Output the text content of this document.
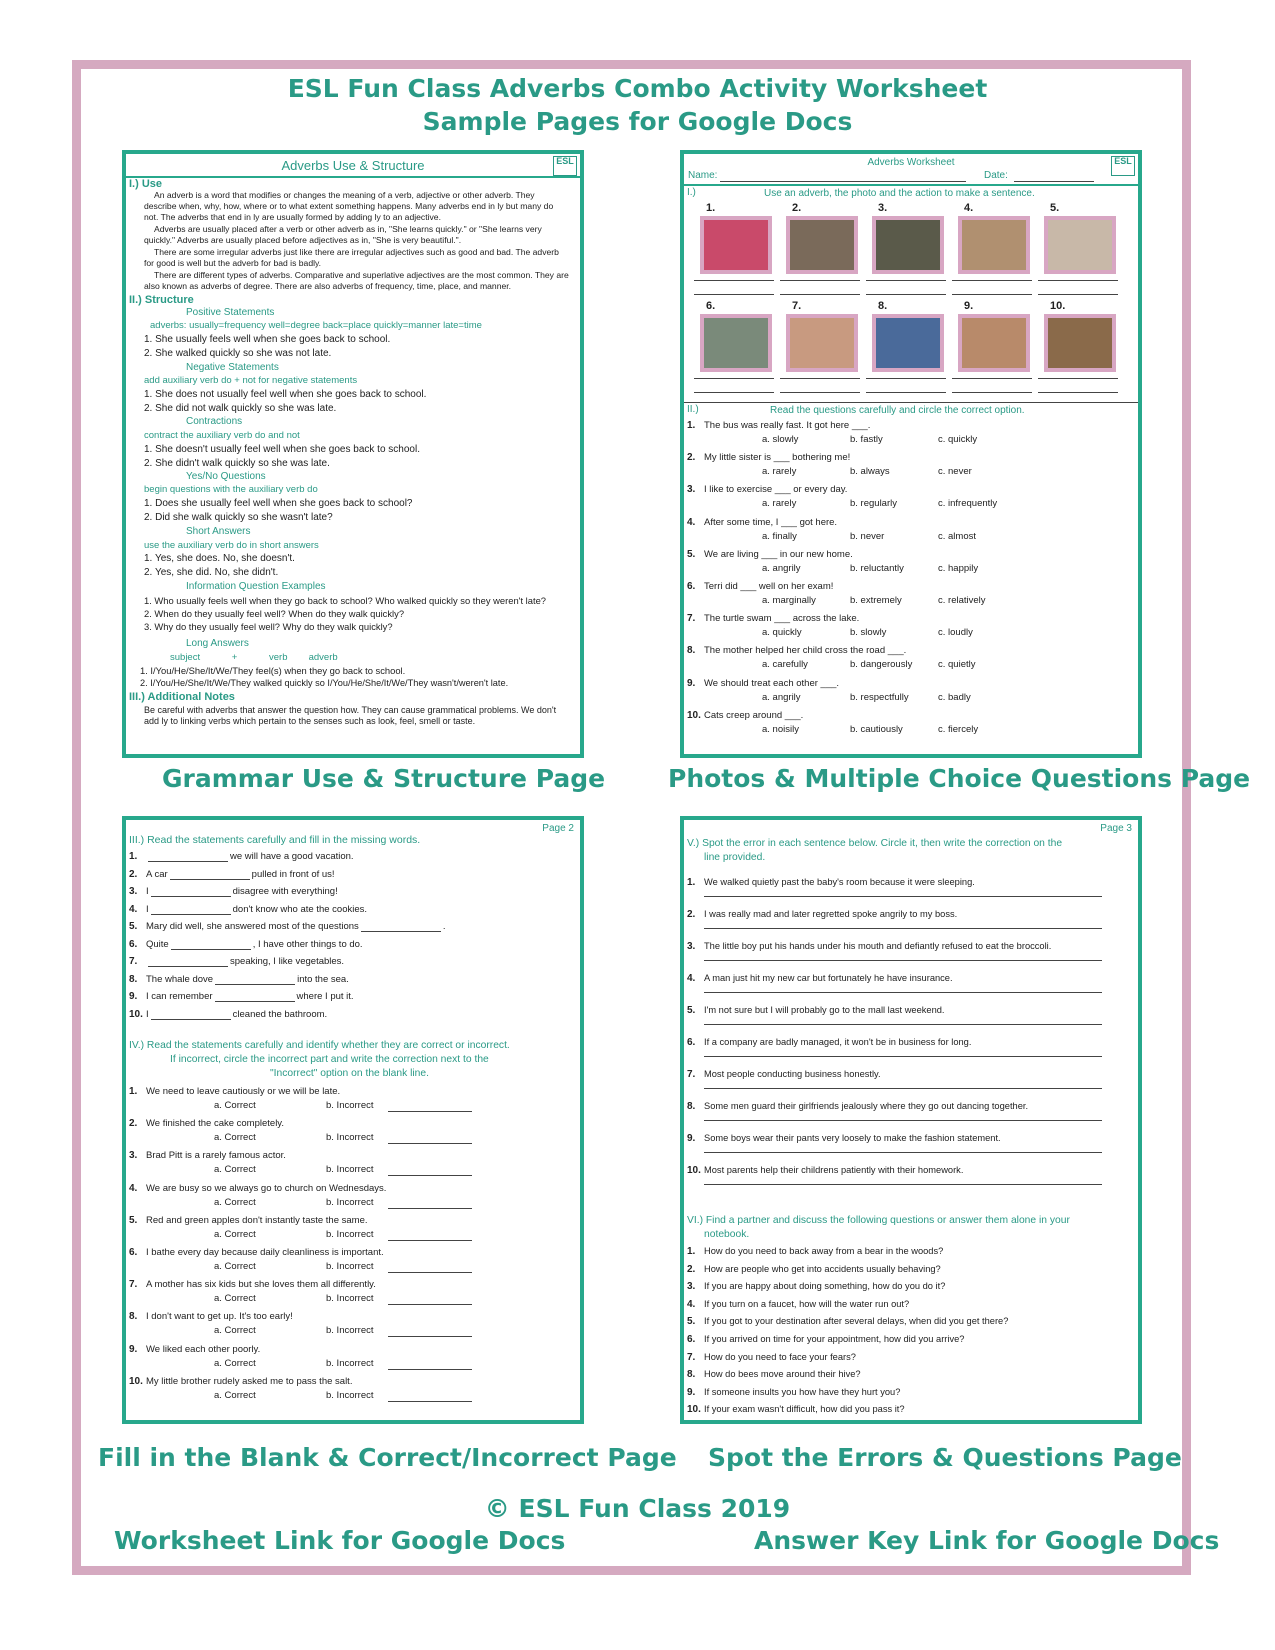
ESL Fun Class Adverbs Combo Activity Worksheet
Sample Pages for Google Docs
Adverbs Use & Structure	ESL
I.) Use
An adverb is a word that modifies or changes the meaning of a verb, adjective or other adverb. They describe when, why, how, where or to what extent something happens. Many adverbs end in ly but many do not. The adverbs that end in ly are usually formed by adding ly to an adjective.
Adverbs are usually placed after a verb or other adverb as in, "She learns quickly." or "She learns very quickly." Adverbs are usually placed before adjectives as in, "She is very beautiful.".
There are some irregular adverbs just like there are irregular adjectives such as good and bad. The adverb for good is well but the adverb for bad is badly.
There are different types of adverbs. Comparative and superlative adjectives are the most common. They are also known as adverbs of degree. There are also adverbs of frequency, time, place, and manner.
II.) Structure
Positive Statements
adverbs: usually=frequency well=degree back=place quickly=manner late=time
1. She usually feels well when she goes back to school.
2. She walked quickly so she was not late.
Negative Statements
add auxiliary verb do + not for negative statements
1. She does not usually feel well when she goes back to school.
2. She did not walk quickly so she was late.
Contractions
contract the auxiliary verb do and not
1. She doesn't usually feel well when she goes back to school.
2. She didn't walk quickly so she was late.
Yes/No Questions
begin questions with the auxiliary verb do
1. Does she usually feel well when she goes back to school?
2. Did she walk quickly so she wasn't late?
Short Answers
use the auxiliary verb do in short answers
1. Yes, she does. No, she doesn't.
2. Yes, she did. No, she didn't.
Information Question Examples
1. Who usually feels well when they go back to school? Who walked quickly so they weren't late?
2. When do they usually feel well? When do they walk quickly?
3. Why do they usually feel well? Why do they walk quickly?
Long Answers
subject            +            verb        adverb
1. I/You/He/She/It/We/They feel(s) when they go back to school.
2. I/You/He/She/It/We/They walked quickly so I/You/He/She/It/We/They wasn't/weren't late.
III.) Additional Notes
Be careful with adverbs that answer the question how. They can cause grammatical problems. We don't add ly to linking verbs which pertain to the senses such as look, feel, smell or taste.
Adverbs Worksheet	ESL
Name:	Date:
I.)	Use an adverb, the photo and the action to make a sentence.
1.	2.	3.	4.	5.
6.	7.	8.	9.	10.
II.)	Read the questions carefully and circle the correct option.
1. The bus was really fast. It got here ___.
a. slowly	b. fastly	c. quickly
2. My little sister is ___ bothering me!
a. rarely	b. always	c. never
3. I like to exercise ___ or every day.
a. rarely	b. regularly	c. infrequently
4. After some time, I ___ got here.
a. finally	b. never	c. almost
5. We are living ___ in our new home.
a. angrily	b. reluctantly	c. happily
6. Terri did ___ well on her exam!
a. marginally	b. extremely	c. relatively
7. The turtle swam ___ across the lake.
a. quickly	b. slowly	c. loudly
8. The mother helped her child cross the road ___.
a. carefully	b. dangerously	c. quietly
9. We should treat each other ___.
a. angrily	b. respectfully	c. badly
10. Cats creep around ___.
a. noisily	b. cautiously	c. fiercely
Page 2
III.) Read the statements carefully and fill in the missing words.
1.	we will have a good vacation.
2. A car	pulled in front of us!
3. I	disagree with everything!
4. I	don't know who ate the cookies.
5. Mary did well, she answered most of the questions	.
6. Quite	, I have other things to do.
7.	speaking, I like vegetables.
8. The whale dove	into the sea.
9. I can remember	where I put it.
10. I	cleaned the bathroom.
IV.) Read the statements carefully and identify whether they are correct or incorrect.
If incorrect, circle the incorrect part and write the correction next to the
"Incorrect" option on the blank line.
1. We need to leave cautiously or we will be late.
a. Correct	b. Incorrect
2. We finished the cake completely.
a. Correct	b. Incorrect
3. Brad Pitt is a rarely famous actor.
a. Correct	b. Incorrect
4. We are busy so we always go to church on Wednesdays.
a. Correct	b. Incorrect
5. Red and green apples don't instantly taste the same.
a. Correct	b. Incorrect
6. I bathe every day because daily cleanliness is important.
a. Correct	b. Incorrect
7. A mother has six kids but she loves them all differently.
a. Correct	b. Incorrect
8. I don't want to get up. It's too early!
a. Correct	b. Incorrect
9. We liked each other poorly.
a. Correct	b. Incorrect
10. My little brother rudely asked me to pass the salt.
a. Correct	b. Incorrect
Page 3
V.) Spot the error in each sentence below. Circle it, then write the correction on the
line provided.
1. We walked quietly past the baby's room because it were sleeping.
2. I was really mad and later regretted spoke angrily to my boss.
3. The little boy put his hands under his mouth and defiantly refused to eat the broccoli.
4. A man just hit my new car but fortunately he have insurance.
5. I'm not sure but I will probably go to the mall last weekend.
6. If a company are badly managed, it won't be in business for long.
7. Most people conducting business honestly.
8. Some men guard their girlfriends jealously where they go out dancing together.
9. Some boys wear their pants very loosely to make the fashion statement.
10. Most parents help their childrens patiently with their homework.
VI.) Find a partner and discuss the following questions or answer them alone in your
notebook.
1. How do you need to back away from a bear in the woods?
2. How are people who get into accidents usually behaving?
3. If you are happy about doing something, how do you do it?
4. If you turn on a faucet, how will the water run out?
5. If you got to your destination after several delays, when did you get there?
6. If you arrived on time for your appointment, how did you arrive?
7. How do you need to face your fears?
8. How do bees move around their hive?
9. If someone insults you how have they hurt you?
10. If your exam wasn't difficult, how did you pass it?
Grammar Use & Structure Page	Photos & Multiple Choice Questions Page
Fill in the Blank & Correct/Incorrect Page Spot the Errors & Questions Page
© ESL Fun Class 2019
Worksheet Link for Google Docs	Answer Key Link for Google Docs
